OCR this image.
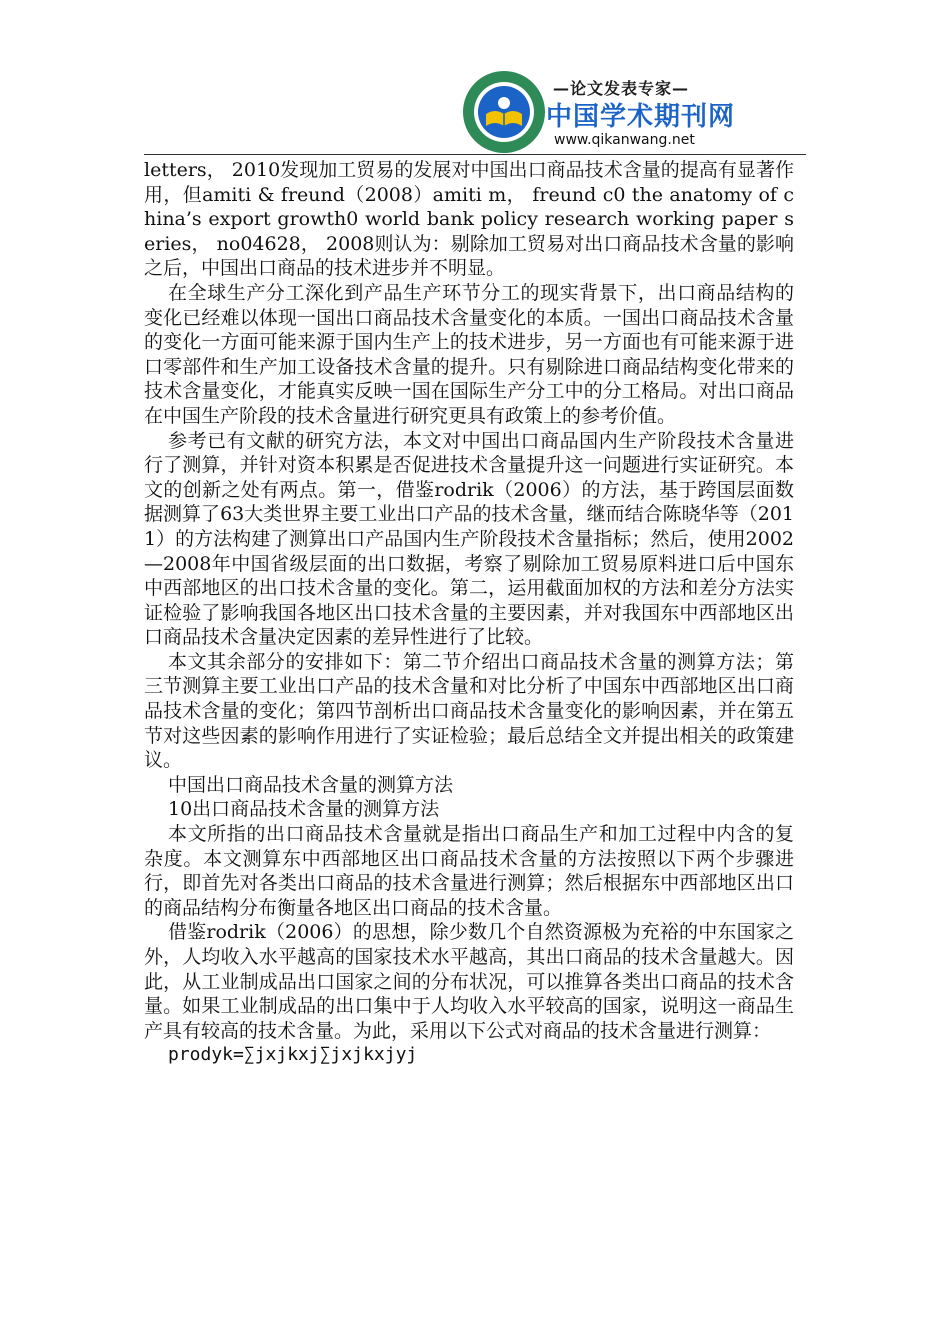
—论文发表专家—
中国学术期刊网
www.qikanwang.net

letters， 2010发现加工贸易的发展对中国出口商品技术含量的提高有显著作用，但amiti & freund（2008）amiti m， freund c0 the anatomy of china’s export growth0 world bank policy research working paper series， no04628， 2008则认为：剔除加工贸易对出口商品技术含量的影响之后，中国出口商品的技术进步并不明显。

在全球生产分工深化到产品生产环节分工的现实背景下，出口商品结构的变化已经难以体现一国出口商品技术含量变化的本质。一国出口商品技术含量的变化一方面可能来源于国内生产上的技术进步，另一方面也有可能来源于进口零部件和生产加工设备技术含量的提升。只有剔除进口商品结构变化带来的技术含量变化，才能真实反映一国在国际生产分工中的分工格局。对出口商品在中国生产阶段的技术含量进行研究更具有政策上的参考价值。

参考已有文献的研究方法，本文对中国出口商品国内生产阶段技术含量进行了测算，并针对资本积累是否促进技术含量提升这一问题进行实证研究。本文的创新之处有两点。第一，借鉴rodrik（2006）的方法，基于跨国层面数据测算了63大类世界主要工业出口产品的技术含量，继而结合陈晓华等（2011）的方法构建了测算出口产品国内生产阶段技术含量指标；然后，使用2002—2008年中国省级层面的出口数据，考察了剔除加工贸易原料进口后中国东中西部地区的出口技术含量的变化。第二，运用截面加权的方法和差分方法实证检验了影响我国各地区出口技术含量的主要因素，并对我国东中西部地区出口商品技术含量决定因素的差异性进行了比较。

本文其余部分的安排如下：第二节介绍出口商品技术含量的测算方法；第三节测算主要工业出口产品的技术含量和对比分析了中国东中西部地区出口商品技术含量的变化；第四节剖析出口商品技术含量变化的影响因素，并在第五节对这些因素的影响作用进行了实证检验；最后总结全文并提出相关的政策建议。

中国出口商品技术含量的测算方法

10出口商品技术含量的测算方法

本文所指的出口商品技术含量就是指出口商品生产和加工过程中内含的复杂度。本文测算东中西部地区出口商品技术含量的方法按照以下两个步骤进行，即首先对各类出口商品的技术含量进行测算；然后根据东中西部地区出口的商品结构分布衡量各地区出口商品的技术含量。

借鉴rodrik（2006）的思想，除少数几个自然资源极为充裕的中东国家之外，人均收入水平越高的国家技术水平越高，其出口商品的技术含量越大。因此，从工业制成品出口国家之间的分布状况，可以推算各类出口商品的技术含量。如果工业制成品的出口集中于人均收入水平较高的国家，说明这一商品生产具有较高的技术含量。为此，采用以下公式对商品的技术含量进行测算：

prodyk=∑jxjkxj∑jxjkxjyj
